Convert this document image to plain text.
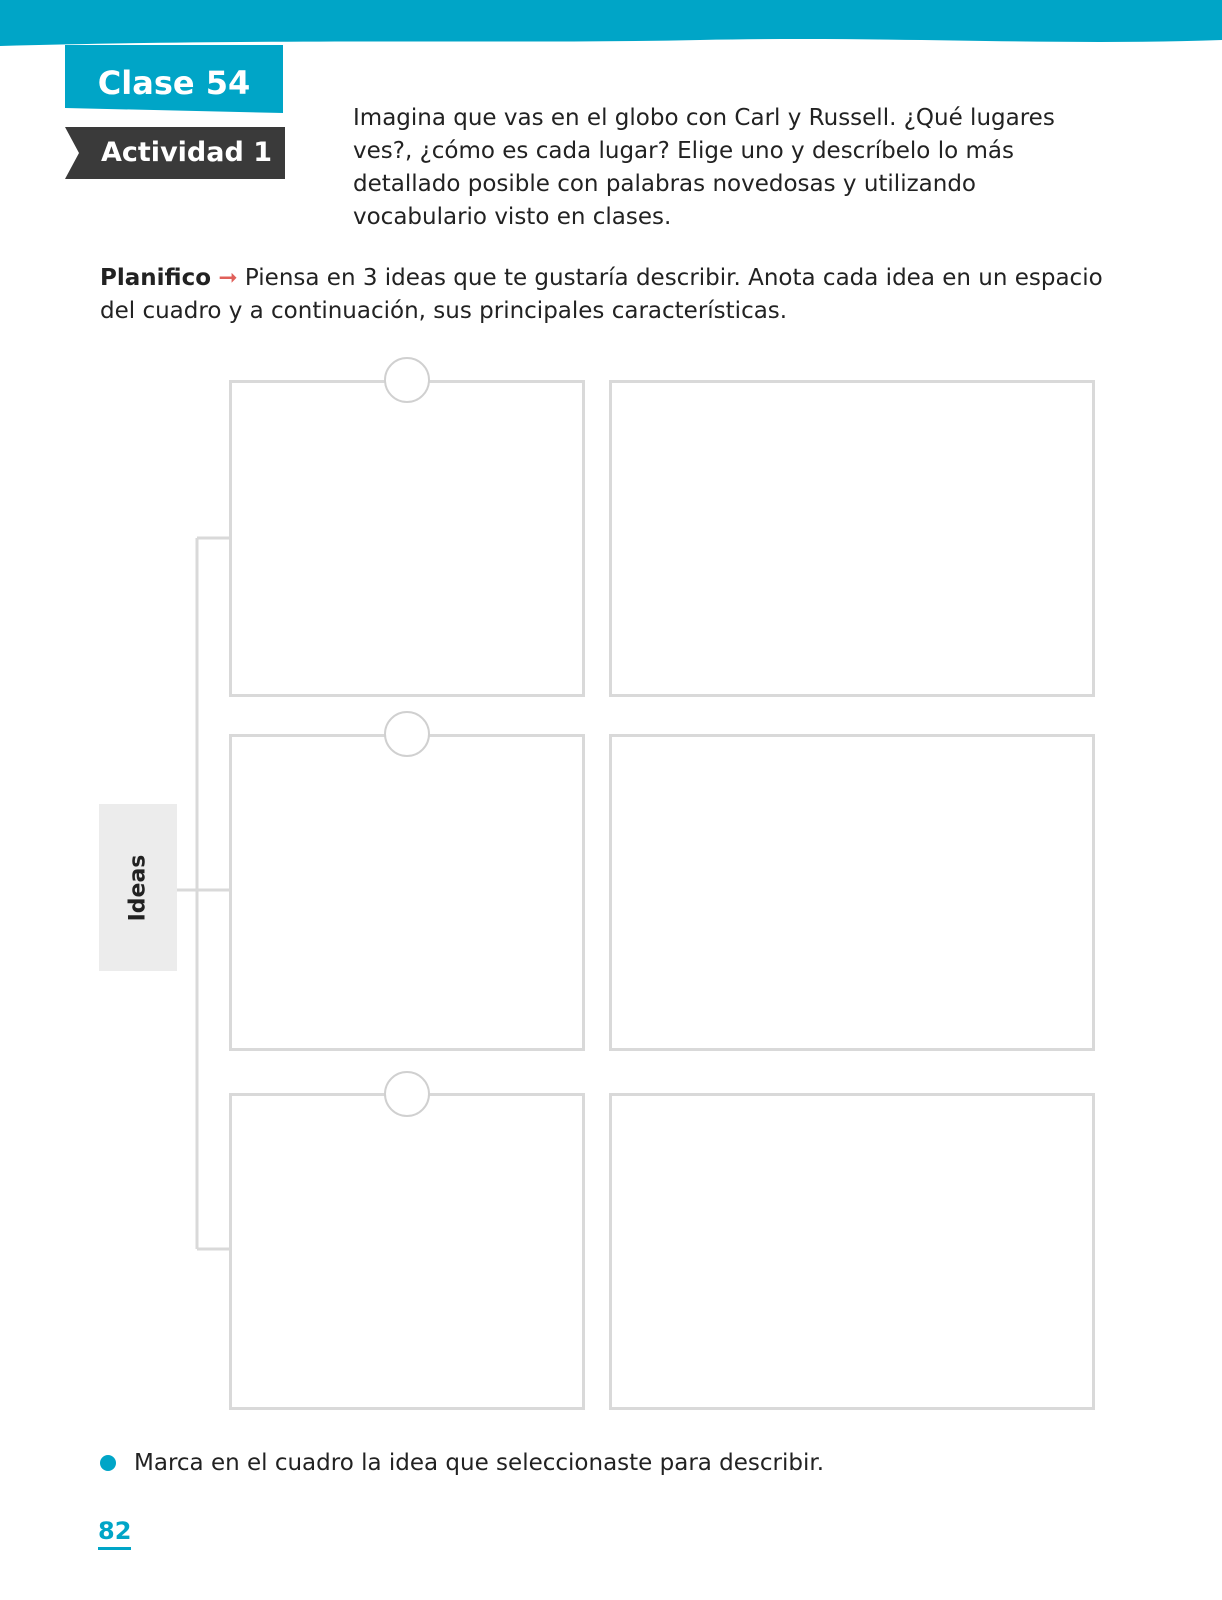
Clase 54
Actividad 1
Imagina que vas en el globo con Carl y Russell. ¿Qué lugares ves?, ¿cómo es cada lugar? Elige uno y descríbelo lo más detallado posible con palabras novedosas y utilizando vocabulario visto en clases.
Planifico ➞ Piensa en 3 ideas que te gustaría describir. Anota cada idea en un espacio del cuadro y a continuación, sus principales características.
Ideas
Marca en el cuadro la idea que seleccionaste para describir.
82
